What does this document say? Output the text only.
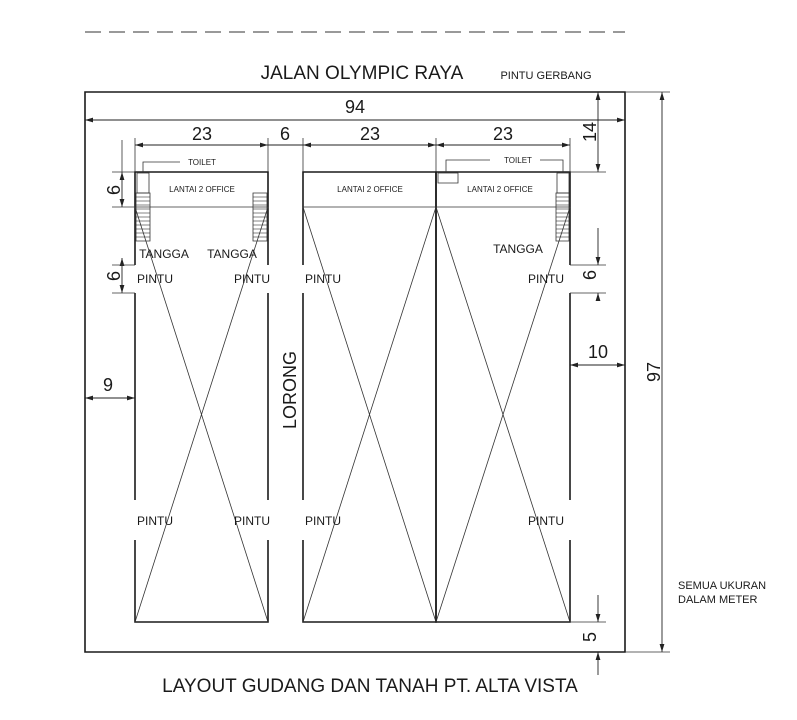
JALAN OLYMPIC RAYA	PINTU GERBANG
94
23	6	23	23	14
97
6
6	6
9
10
5
TOILET	TOILET
LANTAI 2 OFFICE	LANTAI 2 OFFICE	LANTAI 2 OFFICE
TANGGA TANGGA	TANGGA
PINTU	PINTU	PINTU	PINTU
PINTU	PINTU	PINTU	PINTU
LORONG
SEMUA UKURAN
DALAM METER
LAYOUT GUDANG DAN TANAH PT. ALTA VISTA
